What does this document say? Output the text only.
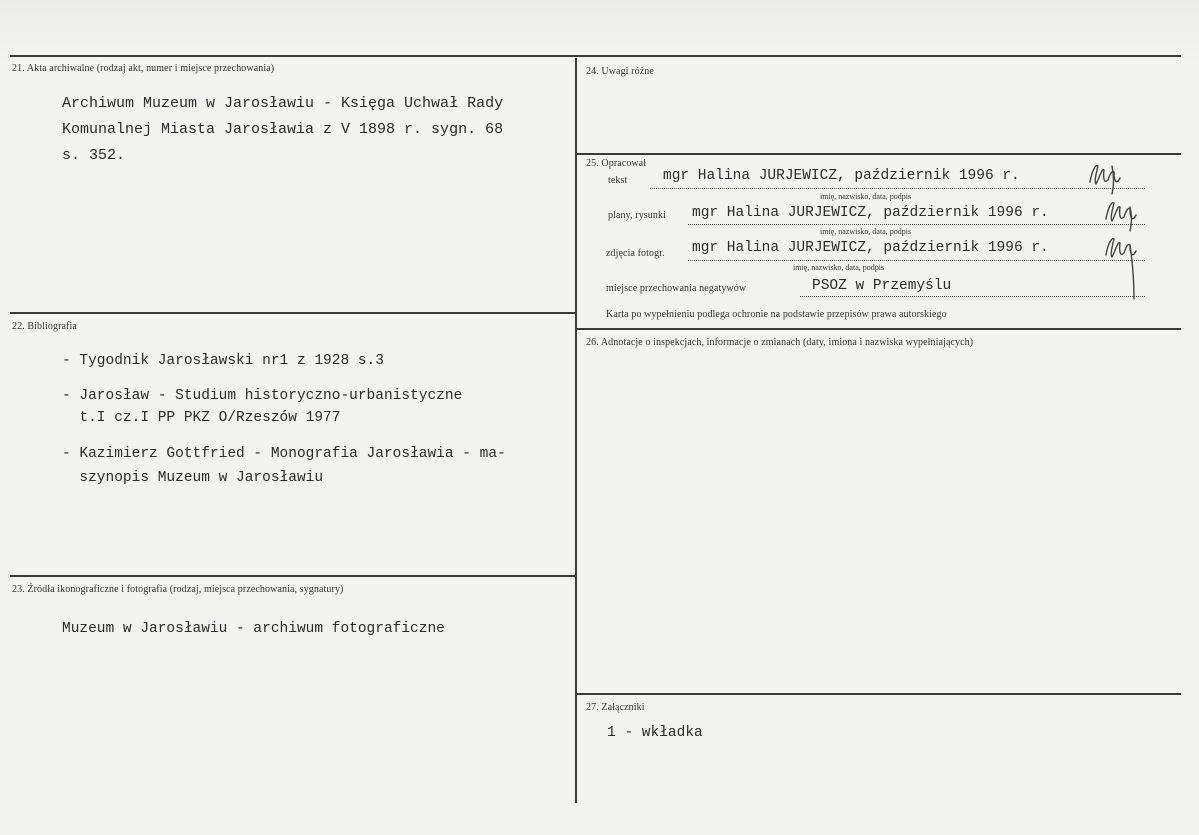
21. Akta archiwalne (rodzaj akt, numer i miejsce przechowania)
Archiwum Muzeum w Jarosławiu - Księga Uchwał Rady
Komunalnej Miasta Jarosławia z V 1898 r. sygn. 68
s. 352.
22. Bibliografia
- Tygodnik Jarosławski nr1 z 1928 s.3
- Jarosław - Studium historyczno-urbanistyczne
t.I cz.I PP PKZ O/Rzeszów 1977
- Kazimierz Gottfried - Monografia Jarosławia - ma-
szynopis Muzeum w Jarosławiu
23. Źródła ikonograficzne i fotografia (rodzaj, miejsca przechowania, sygnatury)
Muzeum w Jarosławiu - archiwum fotograficzne
24. Uwagi różne
25. Opracował
tekst mgr Halina JURJEWICZ, październik 1996 r.
imię, nazwisko, data, podpis
plany, rysunki mgr Halina JURJEWICZ, październik 1996 r.
imię, nazwisko, data, podpis
zdjęcia fotogr. mgr Halina JURJEWICZ, październik 1996 r.
imię, nazwisko, data, podpis
miejsce przechowania negatywów	PSOZ w Przemyślu
Karta po wypełnieniu podlega ochronie na podstawie przepisów prawa autorskiego
26. Adnotacje o inspekcjach, informacje o zmianach (daty, imiona i nazwiska wypełniających)
27. Załączniki
1 - wkładka
